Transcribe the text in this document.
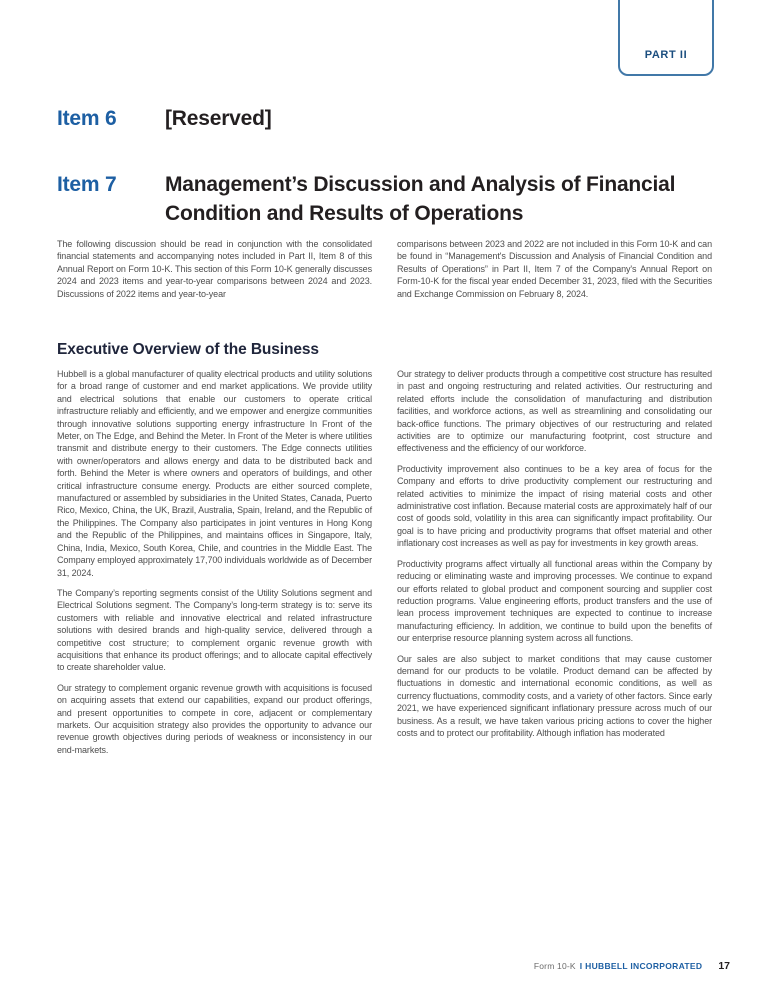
PART II
Item 6	[Reserved]
Item 7	Management’s Discussion and Analysis of Financial Condition and Results of Operations

The following discussion should be read in conjunction with the consolidated financial statements and accompanying notes included in Part II, Item 8 of this Annual Report on Form 10-K. This section of this Form 10-K generally discusses 2024 and 2023 items and year-to-year comparisons between 2024 and 2023. Discussions of 2022 items and year-to-year

comparisons between 2023 and 2022 are not included in this Form 10-K and can be found in “Management's Discussion and Analysis of Financial Condition and Results of Operations” in Part II, Item 7 of the Company's Annual Report on Form-10-K for the fiscal year ended December 31, 2023, filed with the Securities and Exchange Commission on February 8, 2024.

Executive Overview of the Business

Hubbell is a global manufacturer of quality electrical products and utility solutions for a broad range of customer and end market applications. We provide utility and electrical solutions that enable our customers to operate critical infrastructure reliably and efficiently, and we empower and energize communities through innovative solutions supporting energy infrastructure In Front of the Meter, on The Edge, and Behind the Meter. In Front of the Meter is where utilities transmit and distribute energy to their customers. The Edge connects utilities with owner/operators and allows energy and data to be distributed back and forth. Behind the Meter is where owners and operators of buildings, and other critical infrastructure consume energy. Products are either sourced complete, manufactured or assembled by subsidiaries in the United States, Canada, Puerto Rico, Mexico, China, the UK, Brazil, Australia, Spain, Ireland, and the Republic of the Philippines. The Company also participates in joint ventures in Hong Kong and the Republic of the Philippines, and maintains offices in Singapore, Italy, China, India, Mexico, South Korea, Chile, and countries in the Middle East. The Company employed approximately 17,700 individuals worldwide as of December 31, 2024.

The Company’s reporting segments consist of the Utility Solutions segment and Electrical Solutions segment. The Company’s long-term strategy is to: serve its customers with reliable and innovative electrical and related infrastructure solutions with desired brands and high-quality service, delivered through a competitive cost structure; to complement organic revenue growth with acquisitions that enhance its product offerings; and to allocate capital effectively to create shareholder value.

Our strategy to complement organic revenue growth with acquisitions is focused on acquiring assets that extend our capabilities, expand our product offerings, and present opportunities to compete in core, adjacent or complementary markets. Our acquisition strategy also provides the opportunity to advance our revenue growth objectives during periods of weakness or inconsistency in our end-markets.

Our strategy to deliver products through a competitive cost structure has resulted in past and ongoing restructuring and related activities. Our restructuring and related efforts include the consolidation of manufacturing and distribution facilities, and workforce actions, as well as streamlining and consolidating our back-office functions. The primary objectives of our restructuring and related activities are to optimize our manufacturing footprint, cost structure and effectiveness and the efficiency of our workforce.

Productivity improvement also continues to be a key area of focus for the Company and efforts to drive productivity complement our restructuring and related activities to minimize the impact of rising material costs and other administrative cost inflation. Because material costs are approximately half of our cost of goods sold, volatility in this area can significantly impact profitability. Our goal is to have pricing and productivity programs that offset material and other inflationary cost increases as well as pay for investments in key growth areas.

Productivity programs affect virtually all functional areas within the Company by reducing or eliminating waste and improving processes. We continue to expand our efforts related to global product and component sourcing and supplier cost reduction programs. Value engineering efforts, product transfers and the use of lean process improvement techniques are expected to continue to increase manufacturing efficiency. In addition, we continue to build upon the benefits of our enterprise resource planning system across all functions.

Our sales are also subject to market conditions that may cause customer demand for our products to be volatile. Product demand can be affected by fluctuations in domestic and international economic conditions, as well as currency fluctuations, commodity costs, and a variety of other factors. Since early 2021, we have experienced significant inflationary pressure across much of our business. As a result, we have taken various pricing actions to cover the higher costs and to protect our profitability. Although inflation has moderated

Form 10-K I HUBBELL INCORPORATED 17
